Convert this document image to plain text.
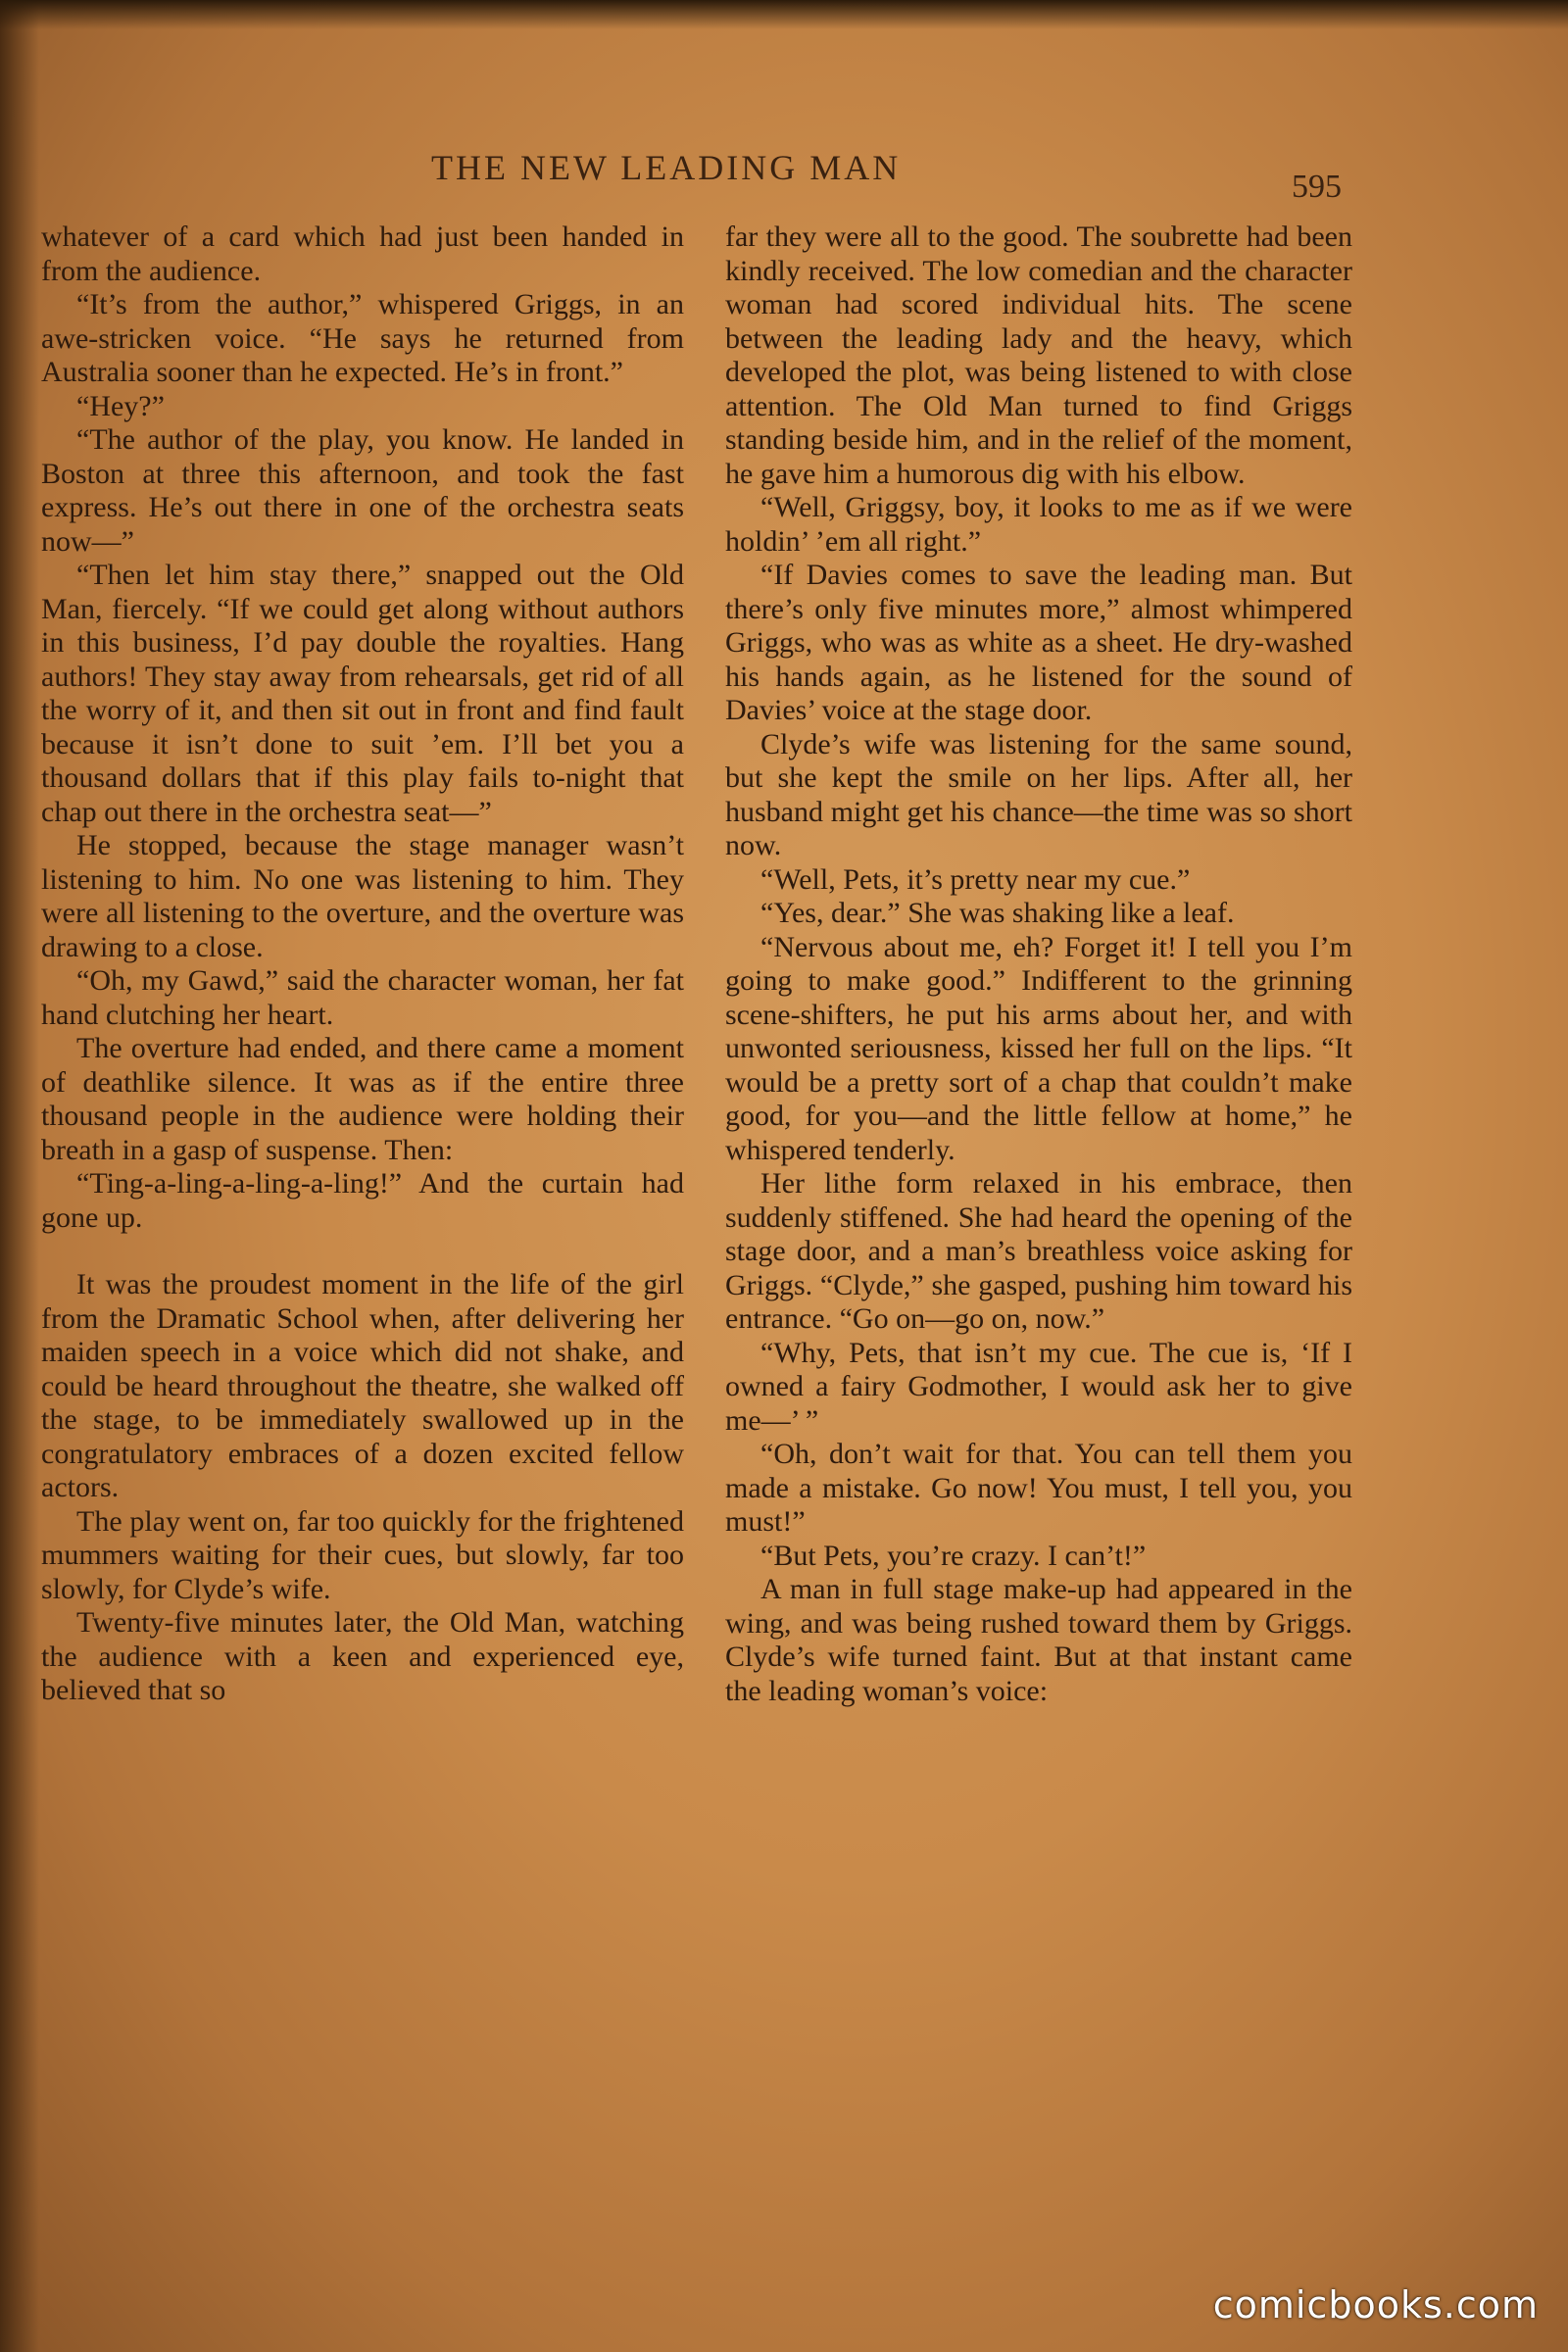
THE NEW LEADING MAN	595

whatever of a card which had just been handed in from the audience.

“It’s from the author,” whispered Griggs, in an awe-stricken voice. “He says he returned from Australia sooner than he expected. He’s in front.”

“Hey?”

“The author of the play, you know. He landed in Boston at three this afternoon, and took the fast express. He’s out there in one of the orchestra seats now—”

“Then let him stay there,” snapped out the Old Man, fiercely. “If we could get along without authors in this business, I’d pay double the royalties. Hang authors! They stay away from rehearsals, get rid of all the worry of it, and then sit out in front and find fault because it isn’t done to suit ’em. I’ll bet you a thousand dollars that if this play fails to-night that chap out there in the orchestra seat—”

He stopped, because the stage manager wasn’t listening to him. No one was listening to him. They were all listening to the overture, and the overture was drawing to a close.

“Oh, my Gawd,” said the character woman, her fat hand clutching her heart.

The overture had ended, and there came a moment of deathlike silence. It was as if the entire three thousand people in the audience were holding their breath in a gasp of suspense. Then:

“Ting-a-ling-a-ling-a-ling!” And the curtain had gone up.

It was the proudest moment in the life of the girl from the Dramatic School when, after delivering her maiden speech in a voice which did not shake, and could be heard throughout the theatre, she walked off the stage, to be immediately swallowed up in the congratulatory embraces of a dozen excited fellow actors.

The play went on, far too quickly for the frightened mummers waiting for their cues, but slowly, far too slowly, for Clyde’s wife.

Twenty-five minutes later, the Old Man, watching the audience with a keen and experienced eye, believed that so

far they were all to the good. The soubrette had been kindly received. The low comedian and the character woman had scored individual hits. The scene between the leading lady and the heavy, which developed the plot, was being listened to with close attention. The Old Man turned to find Griggs standing beside him, and in the relief of the moment, he gave him a humorous dig with his elbow.

“Well, Griggsy, boy, it looks to me as if we were holdin’ ’em all right.”

“If Davies comes to save the leading man. But there’s only five minutes more,” almost whimpered Griggs, who was as white as a sheet. He dry-washed his hands again, as he listened for the sound of Davies’ voice at the stage door.

Clyde’s wife was listening for the same sound, but she kept the smile on her lips. After all, her husband might get his chance—the time was so short now.

“Well, Pets, it’s pretty near my cue.”

“Yes, dear.” She was shaking like a leaf.

“Nervous about me, eh? Forget it! I tell you I’m going to make good.” Indifferent to the grinning scene-shifters, he put his arms about her, and with unwonted seriousness, kissed her full on the lips. “It would be a pretty sort of a chap that couldn’t make good, for you—and the little fellow at home,” he whispered tenderly.

Her lithe form relaxed in his embrace, then suddenly stiffened. She had heard the opening of the stage door, and a man’s breathless voice asking for Griggs. “Clyde,” she gasped, pushing him toward his entrance. “Go on—go on, now.”

“Why, Pets, that isn’t my cue. The cue is, ‘If I owned a fairy Godmother, I would ask her to give me—’ ”

“Oh, don’t wait for that. You can tell them you made a mistake. Go now! You must, I tell you, you must!”

“But Pets, you’re crazy. I can’t!”

A man in full stage make-up had appeared in the wing, and was being rushed toward them by Griggs. Clyde’s wife turned faint. But at that instant came the leading woman’s voice:

comicbooks.com
